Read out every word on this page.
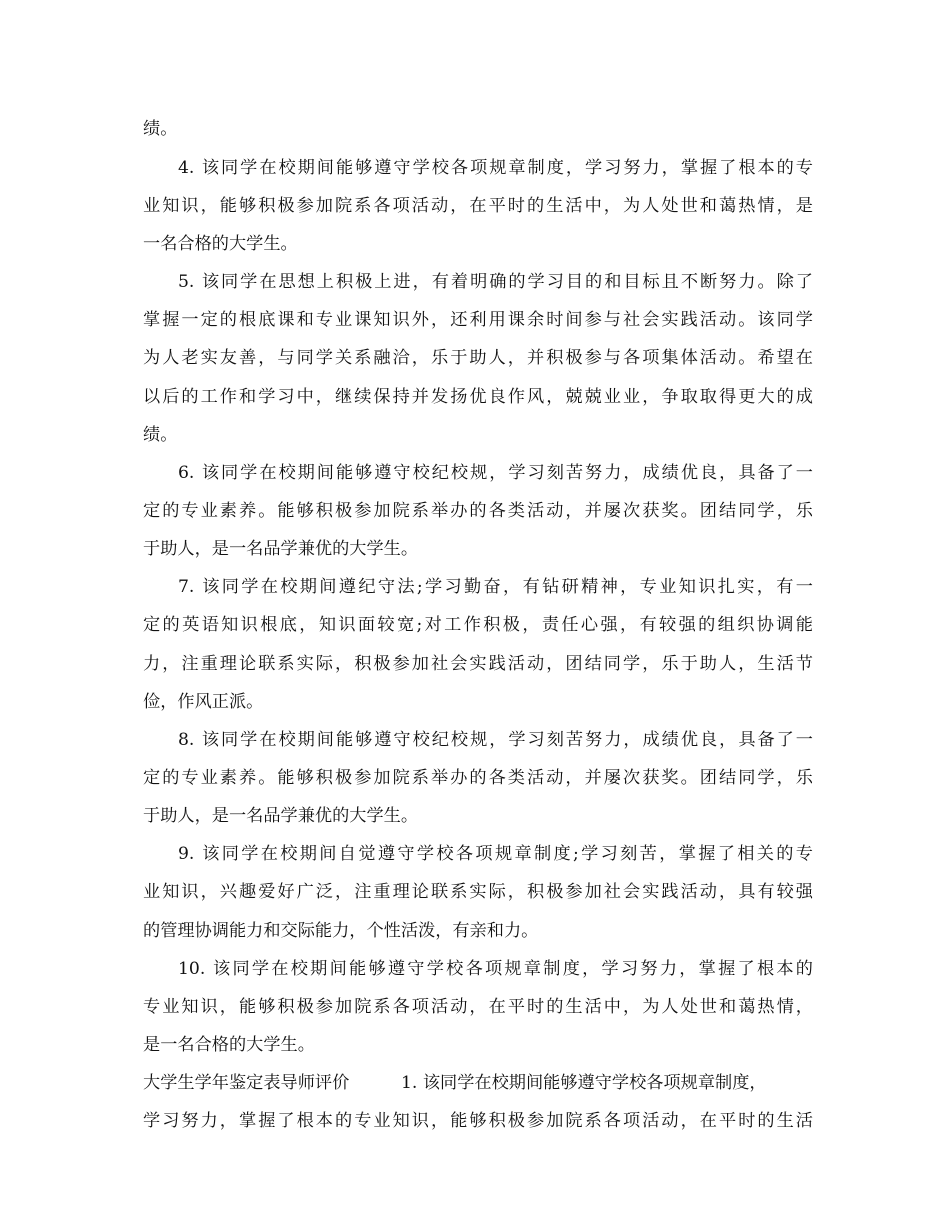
绩。
4. 该同学在校期间能够遵守学校各项规章制度，学习努力，掌握了根本的专
业知识，能够积极参加院系各项活动，在平时的生活中，为人处世和蔼热情，是
一名合格的大学生。
5. 该同学在思想上积极上进，有着明确的学习目的和目标且不断努力。除了
掌握一定的根底课和专业课知识外，还利用课余时间参与社会实践活动。该同学
为人老实友善，与同学关系融洽，乐于助人，并积极参与各项集体活动。希望在
以后的工作和学习中，继续保持并发扬优良作风，兢兢业业，争取取得更大的成
绩。
6. 该同学在校期间能够遵守校纪校规，学习刻苦努力，成绩优良，具备了一
定的专业素养。能够积极参加院系举办的各类活动，并屡次获奖。团结同学，乐
于助人，是一名品学兼优的大学生。
7. 该同学在校期间遵纪守法;学习勤奋，有钻研精神，专业知识扎实，有一
定的英语知识根底，知识面较宽;对工作积极，责任心强，有较强的组织协调能
力，注重理论联系实际，积极参加社会实践活动，团结同学，乐于助人，生活节
俭，作风正派。
8. 该同学在校期间能够遵守校纪校规，学习刻苦努力，成绩优良，具备了一
定的专业素养。能够积极参加院系举办的各类活动，并屡次获奖。团结同学，乐
于助人，是一名品学兼优的大学生。
9. 该同学在校期间自觉遵守学校各项规章制度;学习刻苦，掌握了相关的专
业知识，兴趣爱好广泛，注重理论联系实际，积极参加社会实践活动，具有较强
的管理协调能力和交际能力，个性活泼，有亲和力。
10. 该同学在校期间能够遵守学校各项规章制度，学习努力，掌握了根本的
专业知识，能够积极参加院系各项活动，在平时的生活中，为人处世和蔼热情，
是一名合格的大学生。
大学生学年鉴定表导师评价	1. 该同学在校期间能够遵守学校各项规章制度，
学习努力，掌握了根本的专业知识，能够积极参加院系各项活动，在平时的生活
